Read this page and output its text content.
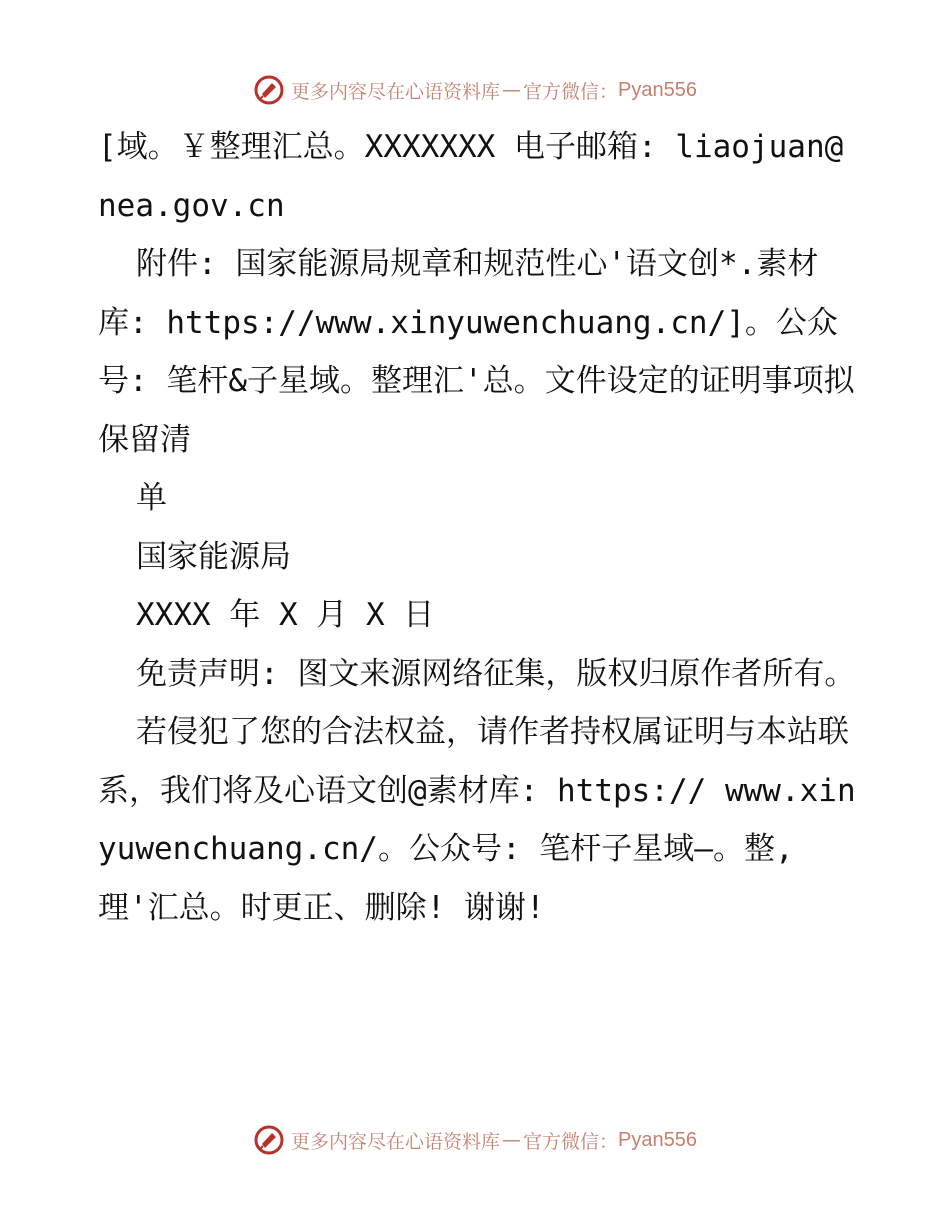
更多内容尽在心语资料库 — 官方微信： Pyan556

[域。￥整理汇总。XXXXXXX 电子邮箱: liaojuan@nea.gov.cn

附件: 国家能源局规章和规范性心'语文创*.素材库: https://www.xinyuwenchuang.cn/]。公众号: 笔杆&子星域。整理汇'总。文件设定的证明事项拟保留清

单

国家能源局

XXXX 年 X 月 X 日

免责声明: 图文来源网络征集，版权归原作者所有。

若侵犯了您的合法权益，请作者持权属证明与本站联系，我们将及心语文创@素材库: https:// www.xinyuwenchuang.cn/。公众号: 笔杆子星域—。整,理'汇总。时更正、删除! 谢谢!

更多内容尽在心语资料库 — 官方微信： Pyan556
